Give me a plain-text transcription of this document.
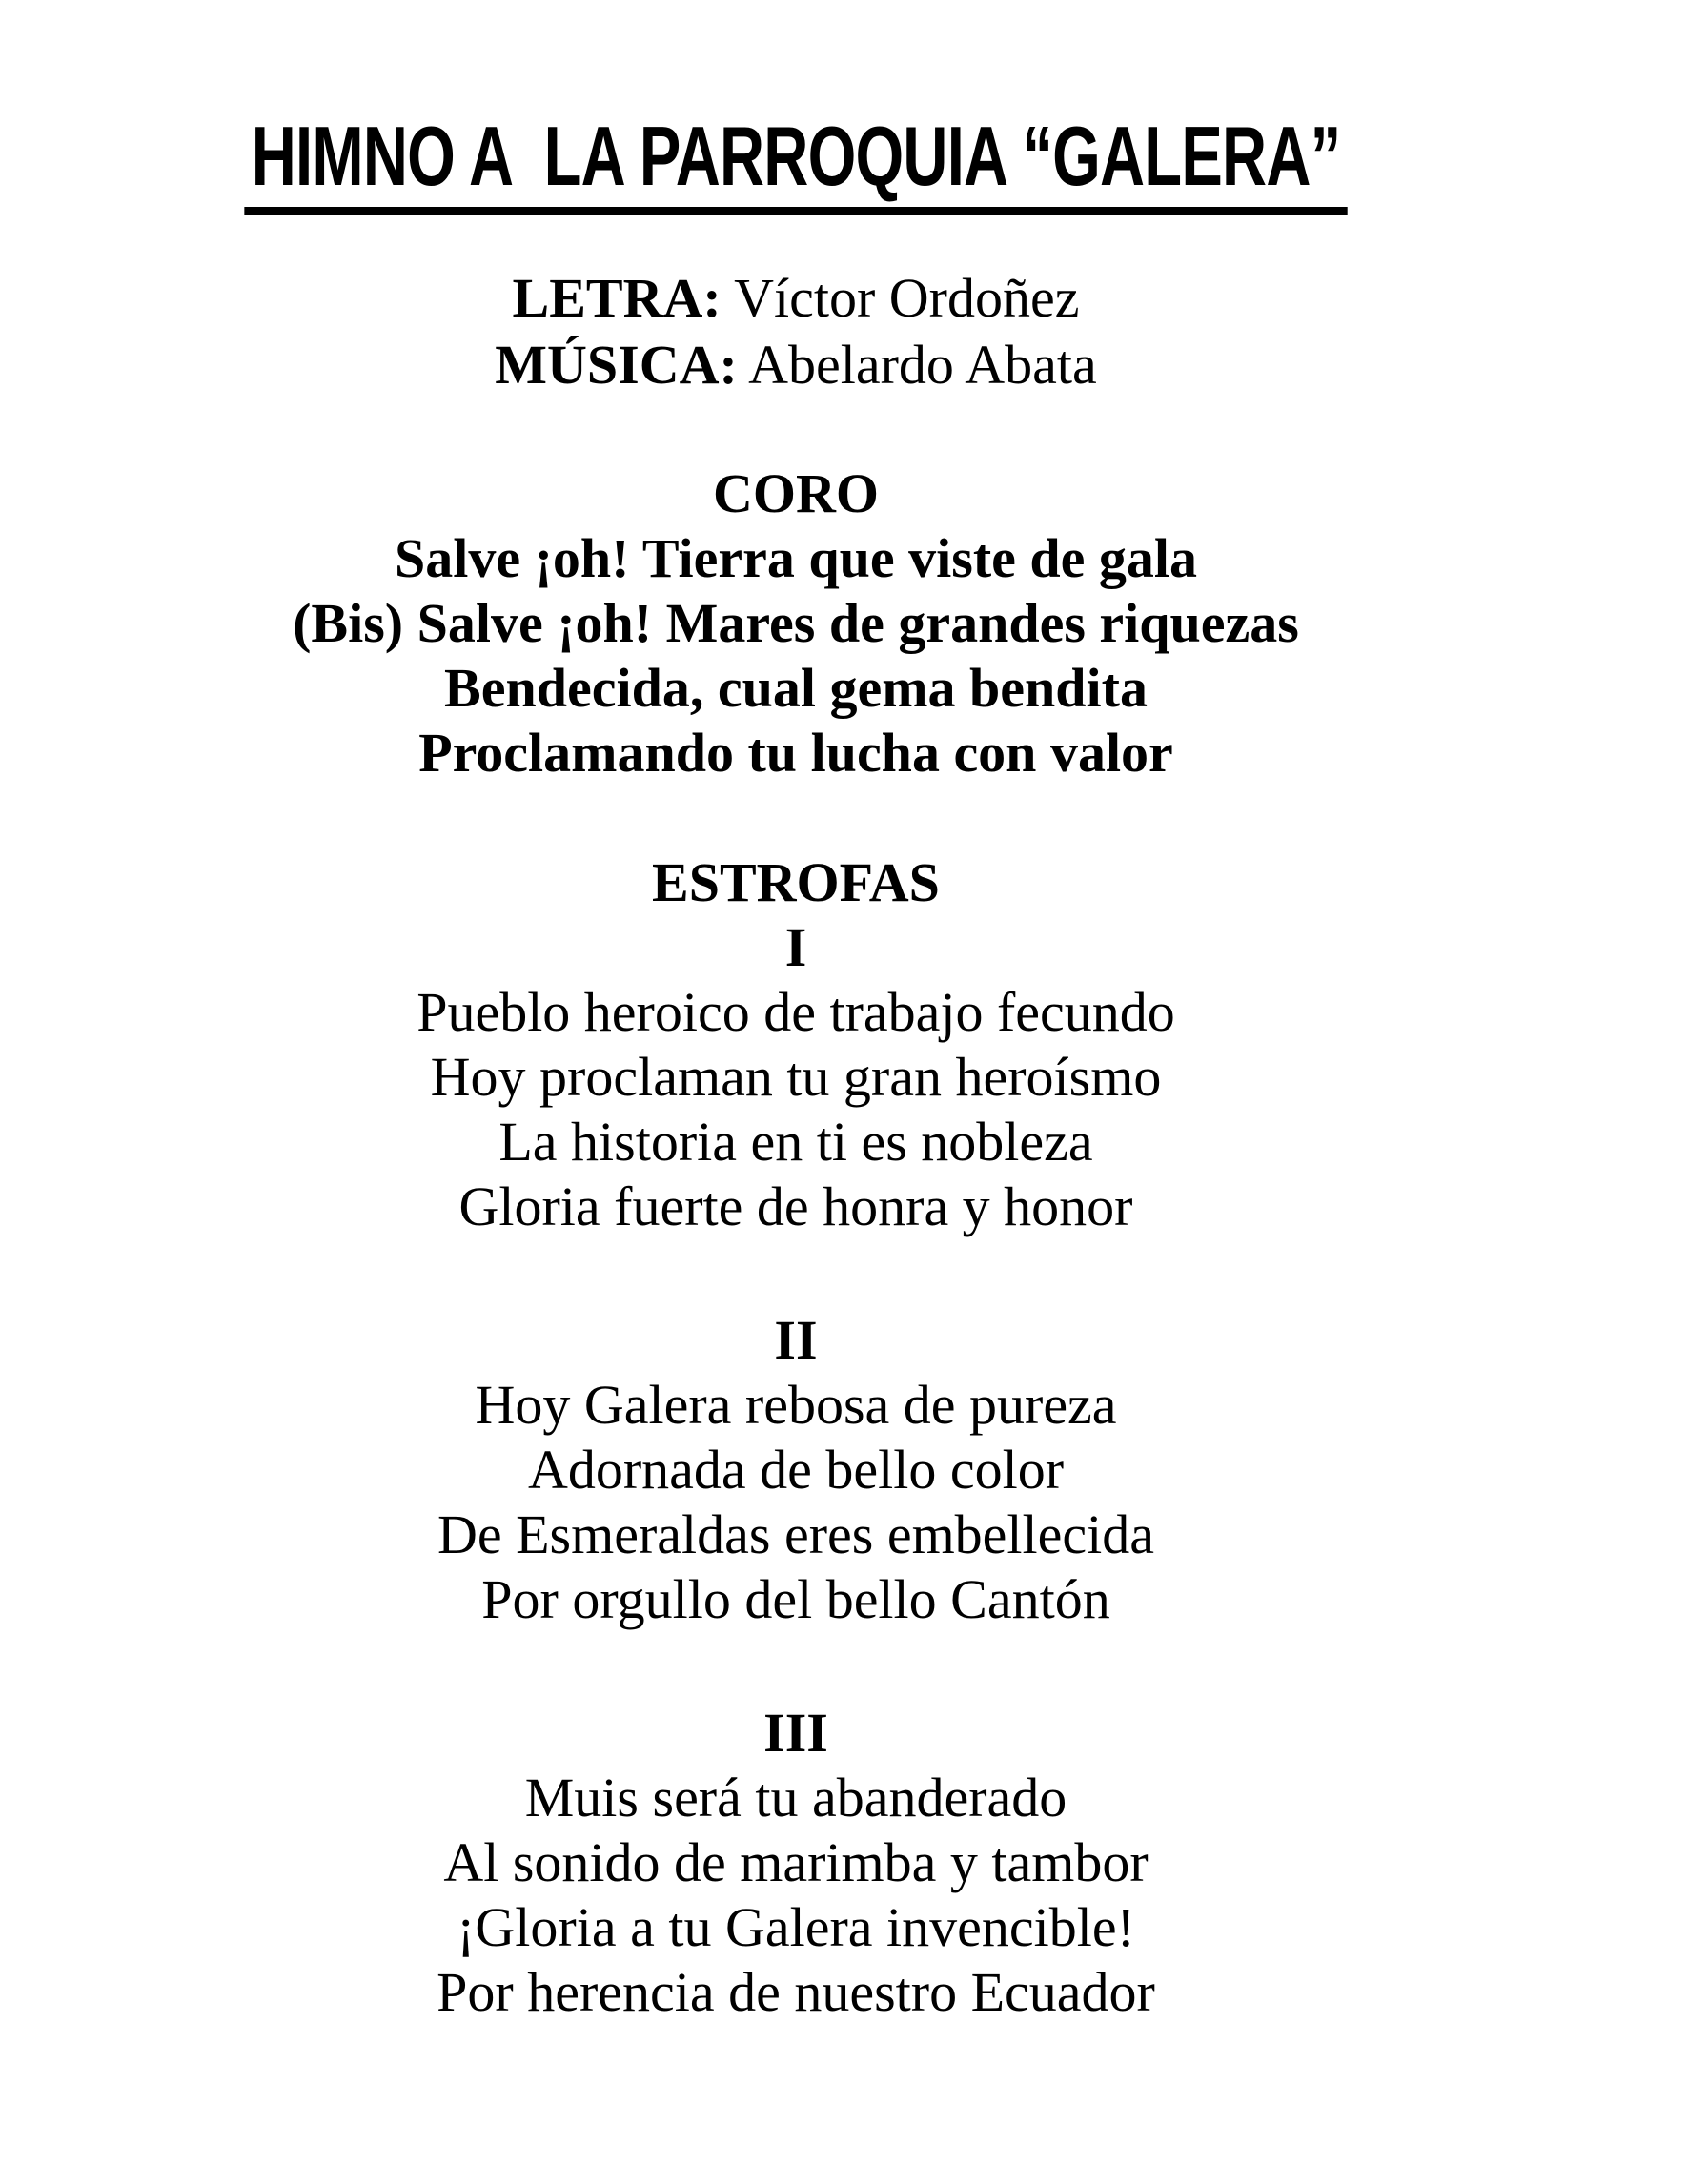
HIMNO A  LA PARROQUIA “GALERA”
LETRA: Víctor Ordoñez
MÚSICA: Abelardo Abata

CORO

Salve ¡oh! Tierra que viste de gala

(Bis) Salve ¡oh! Mares de grandes riquezas

Bendecida, cual gema bendita

Proclamando tu lucha con valor

ESTROFAS

I

Pueblo heroico de trabajo fecundo

Hoy proclaman tu gran heroísmo

La historia en ti es nobleza

Gloria fuerte de honra y honor

II

Hoy Galera rebosa de pureza

Adornada de bello color

De Esmeraldas eres embellecida

Por orgullo del bello Cantón

III

Muis será tu abanderado

Al sonido de marimba y tambor

¡Gloria a tu Galera invencible!

Por herencia de nuestro Ecuador
